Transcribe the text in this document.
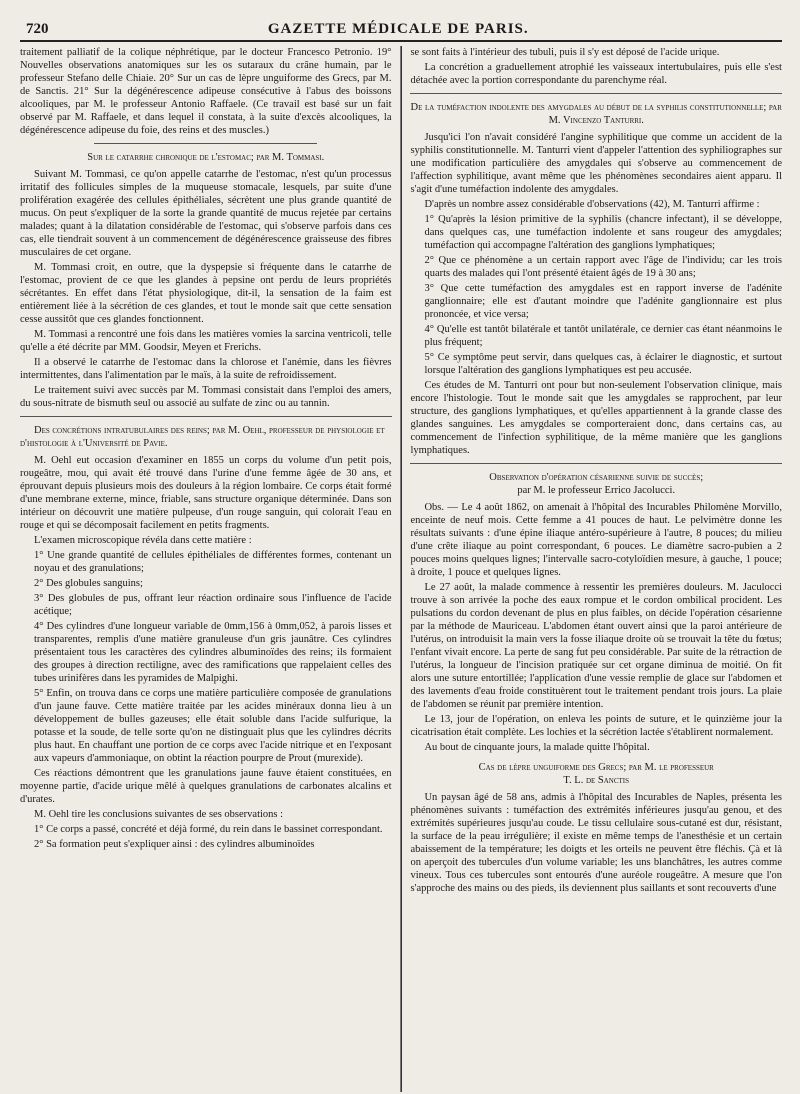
720	GAZETTE MÉDICALE DE PARIS.

traitement palliatif de la colique néphrétique, par le docteur Francesco Petronio. 19° Nouvelles observations anatomiques sur les os sutaraux du crâne humain, par le professeur Stefano delle Chiaie. 20° Sur un cas de lèpre unguiforme des Grecs, par M. de Sanctis. 21° Sur la dégénérescence adipeuse consécutive à l'abus des boissons alcooliques, par M. le professeur Antonio Raffaele. (Ce travail est basé sur un fait observé par M. Raffaele, et dans lequel il constata, à la suite d'excès alcooliques, la dégénérescence adipeuse du foie, des reins et des muscles.)

Sur le catarrhe chronique de l'estomac; par M. Tommasi.

Suivant M. Tommasi, ce qu'on appelle catarrhe de l'estomac, n'est qu'un processus irritatif des follicules simples de la muqueuse stomacale, lesquels, par suite d'une prolifération exagérée des cellules épithéliales, sécrètent une plus grande quantité de mucus. On peut s'expliquer de la sorte la grande quantité de mucus rejetée par certains malades; quant à la dilatation considérable de l'estomac, qui s'observe parfois dans ces cas, elle tiendrait souvent à un commencement de dégénérescence graisseuse des fibres musculaires de cet organe.

M. Tommasi croit, en outre, que la dyspepsie si fréquente dans le catarrhe de l'estomac, provient de ce que les glandes à pepsine ont perdu de leurs propriétés sécrétantes. En effet dans l'état physiologique, dit-il, la sensation de la faim est entièrement liée à la sécrétion de ces glandes, et tout le monde sait que cette sensation cesse aussitôt que ces glandes fonctionnent.

M. Tommasi a rencontré une fois dans les matières vomies la sarcina ventricoli, telle qu'elle a été décrite par MM. Goodsir, Meyen et Frerichs.

Il a observé le catarrhe de l'estomac dans la chlorose et l'anémie, dans les fièvres intermittentes, dans l'alimentation par le maïs, à la suite de refroidissement.

Le traitement suivi avec succès par M. Tommasi consistait dans l'emploi des amers, du sous-nitrate de bismuth seul ou associé au sulfate de zinc ou au tannin.

Des concrétions intratubulaires des reins; par M. Oehl, professeur de physiologie et d'histologie à l'Université de Pavie.

M. Oehl eut occasion d'examiner en 1855 un corps du volume d'un petit pois, rougeâtre, mou, qui avait été trouvé dans l'urine d'une femme âgée de 30 ans, et éprouvant depuis plusieurs mois des douleurs à la région lombaire. Ce corps était formé d'une membrane externe, mince, friable, sans structure organique déterminée. Dans son intérieur on découvrit une matière pulpeuse, d'un rouge sanguin, qui colorait l'eau en rouge et qui se décomposait facilement en petits fragments.

L'examen microscopique révéla dans cette matière :

1° Une grande quantité de cellules épithéliales de différentes formes, contenant un noyau et des granulations;

2° Des globules sanguins;

3° Des globules de pus, offrant leur réaction ordinaire sous l'influence de l'acide acétique;

4° Des cylindres d'une longueur variable de 0mm,156 à 0mm,052, à parois lisses et transparentes, remplis d'une matière granuleuse d'un gris jaunâtre. Ces cylindres présentaient tous les caractères des cylindres albuminoïdes des reins; ils formaient des groupes à direction rectiligne, avec des ramifications que rappelaient celles des tubes urinifères dans les pyramides de Malpighi.

5° Enfin, on trouva dans ce corps une matière particulière composée de granulations d'un jaune fauve. Cette matière traitée par les acides minéraux donna lieu à un développement de bulles gazeuses; elle était soluble dans l'acide sulfurique, la potasse et la soude, de telle sorte qu'on ne distinguait plus que les cylindres décrits plus haut. En chauffant une portion de ce corps avec l'acide nitrique et en l'exposant aux vapeurs d'ammoniaque, on obtint la réaction pourpre de Prout (murexide).

Ces réactions démontrent que les granulations jaune fauve étaient constituées, en moyenne partie, d'acide urique mêlé à quelques granulations de carbonates alcalins et d'urates.

M. Oehl tire les conclusions suivantes de ses observations :

1° Ce corps a passé, concrété et déjà formé, du rein dans le bassinet correspondant.

2° Sa formation peut s'expliquer ainsi : des cylindres albuminoïdes

se sont faits à l'intérieur des tubuli, puis il s'y est déposé de l'acide urique.

La concrétion a graduellement atrophié les vaisseaux intertubulaires, puis elle s'est détachée avec la portion correspondante du parenchyme réal.

De la tuméfaction indolente des amygdales au début de la syphilis constitutionnelle; par M. Vincenzo Tanturri.

Jusqu'ici l'on n'avait considéré l'angine syphilitique que comme un accident de la syphilis constitutionnelle. M. Tanturri vient d'appeler l'attention des syphiliographes sur une modification particulière des amygdales qui s'observe au commencement de l'affection syphilitique, avant même que les phénomènes secondaires aient apparu. Il s'agit d'une tuméfaction indolente des amygdales.

D'après un nombre assez considérable d'observations (42), M. Tanturri affirme :

1° Qu'après la lésion primitive de la syphilis (chancre infectant), il se développe, dans quelques cas, une tuméfaction indolente et sans rougeur des amygdales; tuméfaction qui accompagne l'altération des ganglions lymphatiques;

2° Que ce phénomène a un certain rapport avec l'âge de l'individu; car les trois quarts des malades qui l'ont présenté étaient âgés de 19 à 30 ans;

3° Que cette tuméfaction des amygdales est en rapport inverse de l'adénite ganglionnaire; elle est d'autant moindre que l'adénite ganglionnaire est plus prononcée, et vice versa;

4° Qu'elle est tantôt bilatérale et tantôt unilatérale, ce dernier cas étant néanmoins le plus fréquent;

5° Ce symptôme peut servir, dans quelques cas, à éclairer le diagnostic, et surtout lorsque l'altération des ganglions lymphatiques est peu accusée.

Ces études de M. Tanturri ont pour but non-seulement l'observation clinique, mais encore l'histologie. Tout le monde sait que les amygdales se rapprochent, par leur structure, des ganglions lymphatiques, et qu'elles appartiennent à la grande classe des glandes sanguines. Les amygdales se comporteraient donc, dans certains cas, au commencement de l'infection syphilitique, de la même manière que les ganglions lymphatiques.

Observation d'opération césarienne suivie de succès;

par M. le professeur Errico Jacolucci.

Obs. — Le 4 août 1862, on amenait à l'hôpital des Incurables Philomène Morvillo, enceinte de neuf mois. Cette femme a 41 pouces de haut. Le pelvimètre donne les résultats suivants : d'une épine iliaque antéro-supérieure à l'autre, 8 pouces; du milieu d'une crête iliaque au point correspondant, 6 pouces. Le diamètre sacro-pubien a 2 pouces moins quelques lignes; l'intervalle sacro-cotyloïdien mesure, à gauche, 1 pouce; à droite, 1 pouce et quelques lignes.

Le 27 août, la malade commence à ressentir les premières douleurs. M. Jaculocci trouve à son arrivée la poche des eaux rompue et le cordon ombilical procident. Les pulsations du cordon devenant de plus en plus faibles, on décide l'opération césarienne par la méthode de Mauriceau. L'abdomen étant ouvert ainsi que la paroi antérieure de l'utérus, on introduisit la main vers la fosse iliaque droite où se trouvait la tête du fœtus; l'enfant vivait encore. La perte de sang fut peu considérable. Par suite de la rétraction de l'utérus, la longueur de l'incision pratiquée sur cet organe diminua de moitié. On fit alors une suture entortillée; l'application d'une vessie remplie de glace sur l'abdomen et des lavements d'eau froide constituèrent tout le traitement pendant trois jours. La plaie de l'abdomen se réunit par première intention.

Le 13, jour de l'opération, on enleva les points de suture, et le quinzième jour la cicatrisation était complète. Les lochies et la sécrétion lactée s'établirent normalement.

Au bout de cinquante jours, la malade quitte l'hôpital.

Cas de lèpre unguiforme des Grecs; par M. le professeur

T. L. de Sanctis

Un paysan âgé de 58 ans, admis à l'hôpital des Incurables de Naples, présenta les phénomènes suivants : tuméfaction des extrémités inférieures jusqu'au genou, et des extrémités supérieures jusqu'au coude. Le tissu cellulaire sous-cutané est dur, résistant, la surface de la peau irrégulière; il existe en même temps de l'anesthésie et un certain abaissement de la température; les doigts et les orteils ne peuvent être fléchis. Çà et là on aperçoit des tubercules d'un volume variable; les uns blanchâtres, les autres comme vineux. Tous ces tubercules sont entourés d'une auréole rougeâtre. A mesure que l'on s'approche des mains ou des pieds, ils deviennent plus saillants et sont recouverts d'une
